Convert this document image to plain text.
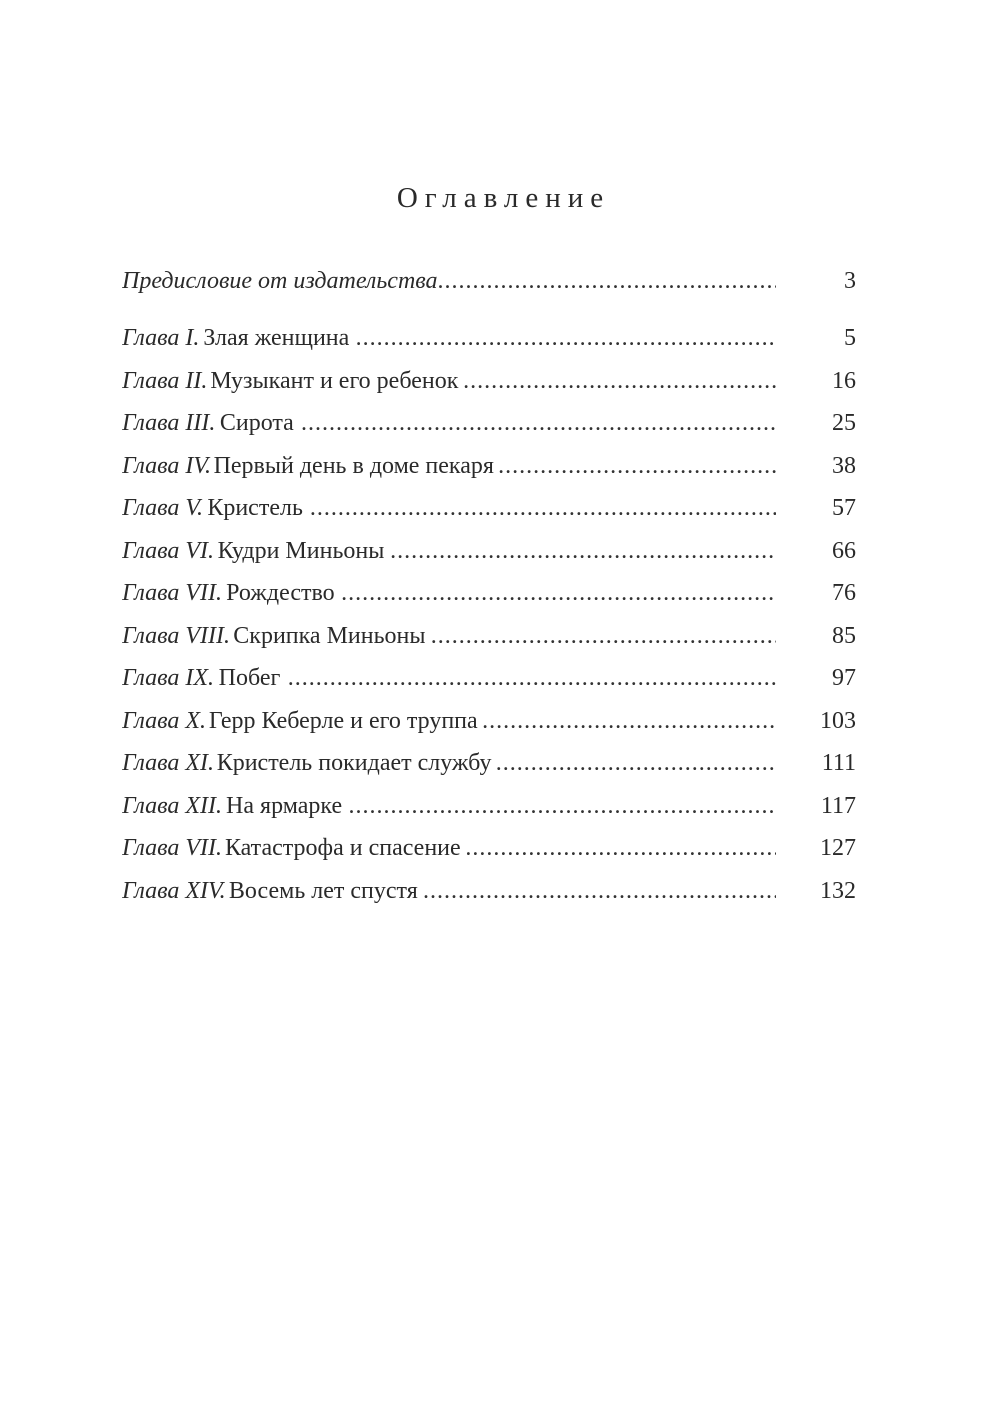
Оглавление
Предисловие от издательства .....	3
Глава I. Злая женщина .....	5
Глава II. Музыкант и его ребенок .....	16
Глава III. Сирота .....	25
Глава IV. Первый день в доме пекаря .....	38
Глава V. Кристель .....	57
Глава VI. Кудри Миньоны .....	66
Глава VII. Рождество .....	76
Глава VIII. Скрипка Миньоны .....	85
Глава IX. Побег .....	97
Глава X. Герр Кеберле и его труппа .....	103
Глава XI. Кристель покидает службу .....	111
Глава XII. На ярмарке .....	117
Глава VII. Катастрофа и спасение .....	127
Глава XIV. Восемь лет спустя .....	132
